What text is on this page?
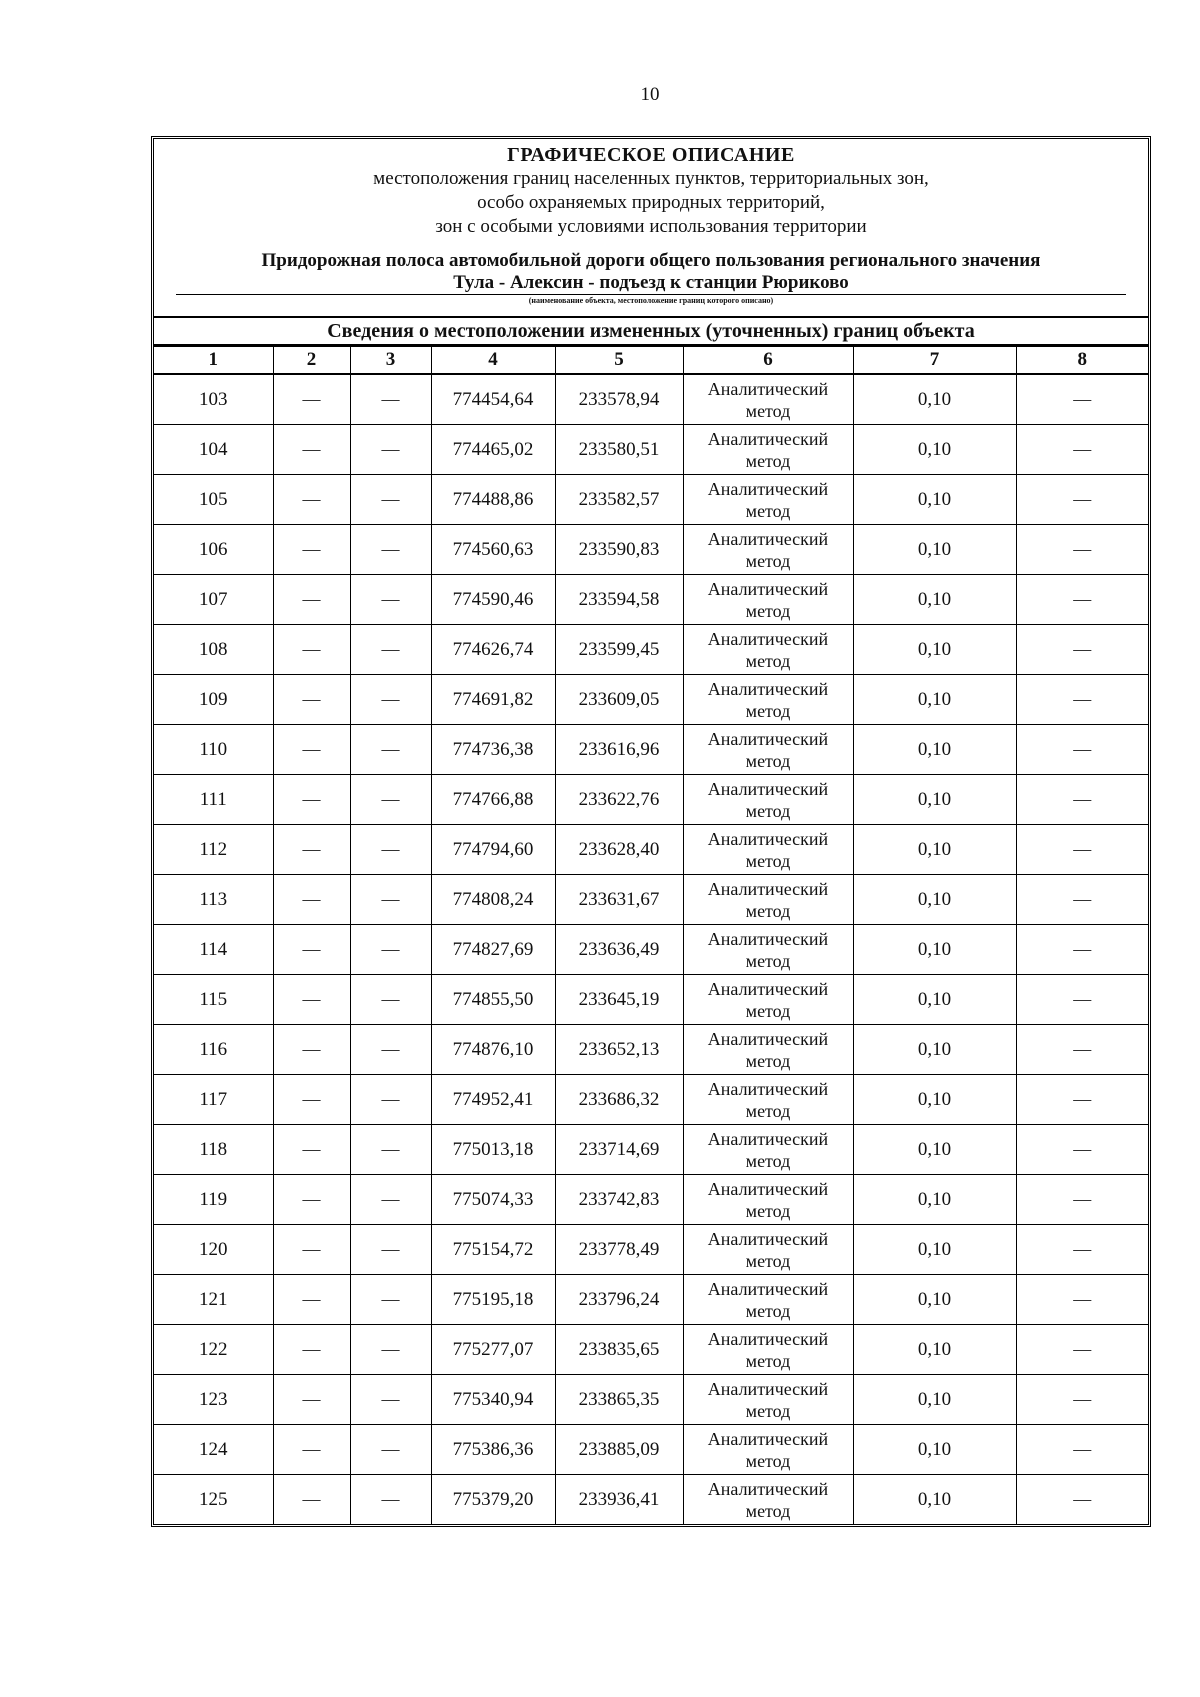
10
ГРАФИЧЕСКОЕ ОПИСАНИЕ
местоположения границ населенных пунктов, территориальных зон,
особо охраняемых природных территорий,
зон с особыми условиями использования территории
Придорожная полоса автомобильной дороги общего пользования регионального значения
Тула - Алексин - подъезд к станции Рюриково
(наименование объекта, местоположение границ которого описано)
Сведения о местоположении измененных (уточненных) границ объекта
1	2	3	4	5	6	7	8
103	—	—	774454,64	233578,94	Аналитический метод	0,10	—
104	—	—	774465,02	233580,51	Аналитический метод	0,10	—
105	—	—	774488,86	233582,57	Аналитический метод	0,10	—
106	—	—	774560,63	233590,83	Аналитический метод	0,10	—
107	—	—	774590,46	233594,58	Аналитический метод	0,10	—
108	—	—	774626,74	233599,45	Аналитический метод	0,10	—
109	—	—	774691,82	233609,05	Аналитический метод	0,10	—
110	—	—	774736,38	233616,96	Аналитический метод	0,10	—
111	—	—	774766,88	233622,76	Аналитический метод	0,10	—
112	—	—	774794,60	233628,40	Аналитический метод	0,10	—
113	—	—	774808,24	233631,67	Аналитический метод	0,10	—
114	—	—	774827,69	233636,49	Аналитический метод	0,10	—
115	—	—	774855,50	233645,19	Аналитический метод	0,10	—
116	—	—	774876,10	233652,13	Аналитический метод	0,10	—
117	—	—	774952,41	233686,32	Аналитический метод	0,10	—
118	—	—	775013,18	233714,69	Аналитический метод	0,10	—
119	—	—	775074,33	233742,83	Аналитический метод	0,10	—
120	—	—	775154,72	233778,49	Аналитический метод	0,10	—
121	—	—	775195,18	233796,24	Аналитический метод	0,10	—
122	—	—	775277,07	233835,65	Аналитический метод	0,10	—
123	—	—	775340,94	233865,35	Аналитический метод	0,10	—
124	—	—	775386,36	233885,09	Аналитический метод	0,10	—
125	—	—	775379,20	233936,41	Аналитический метод	0,10	—
